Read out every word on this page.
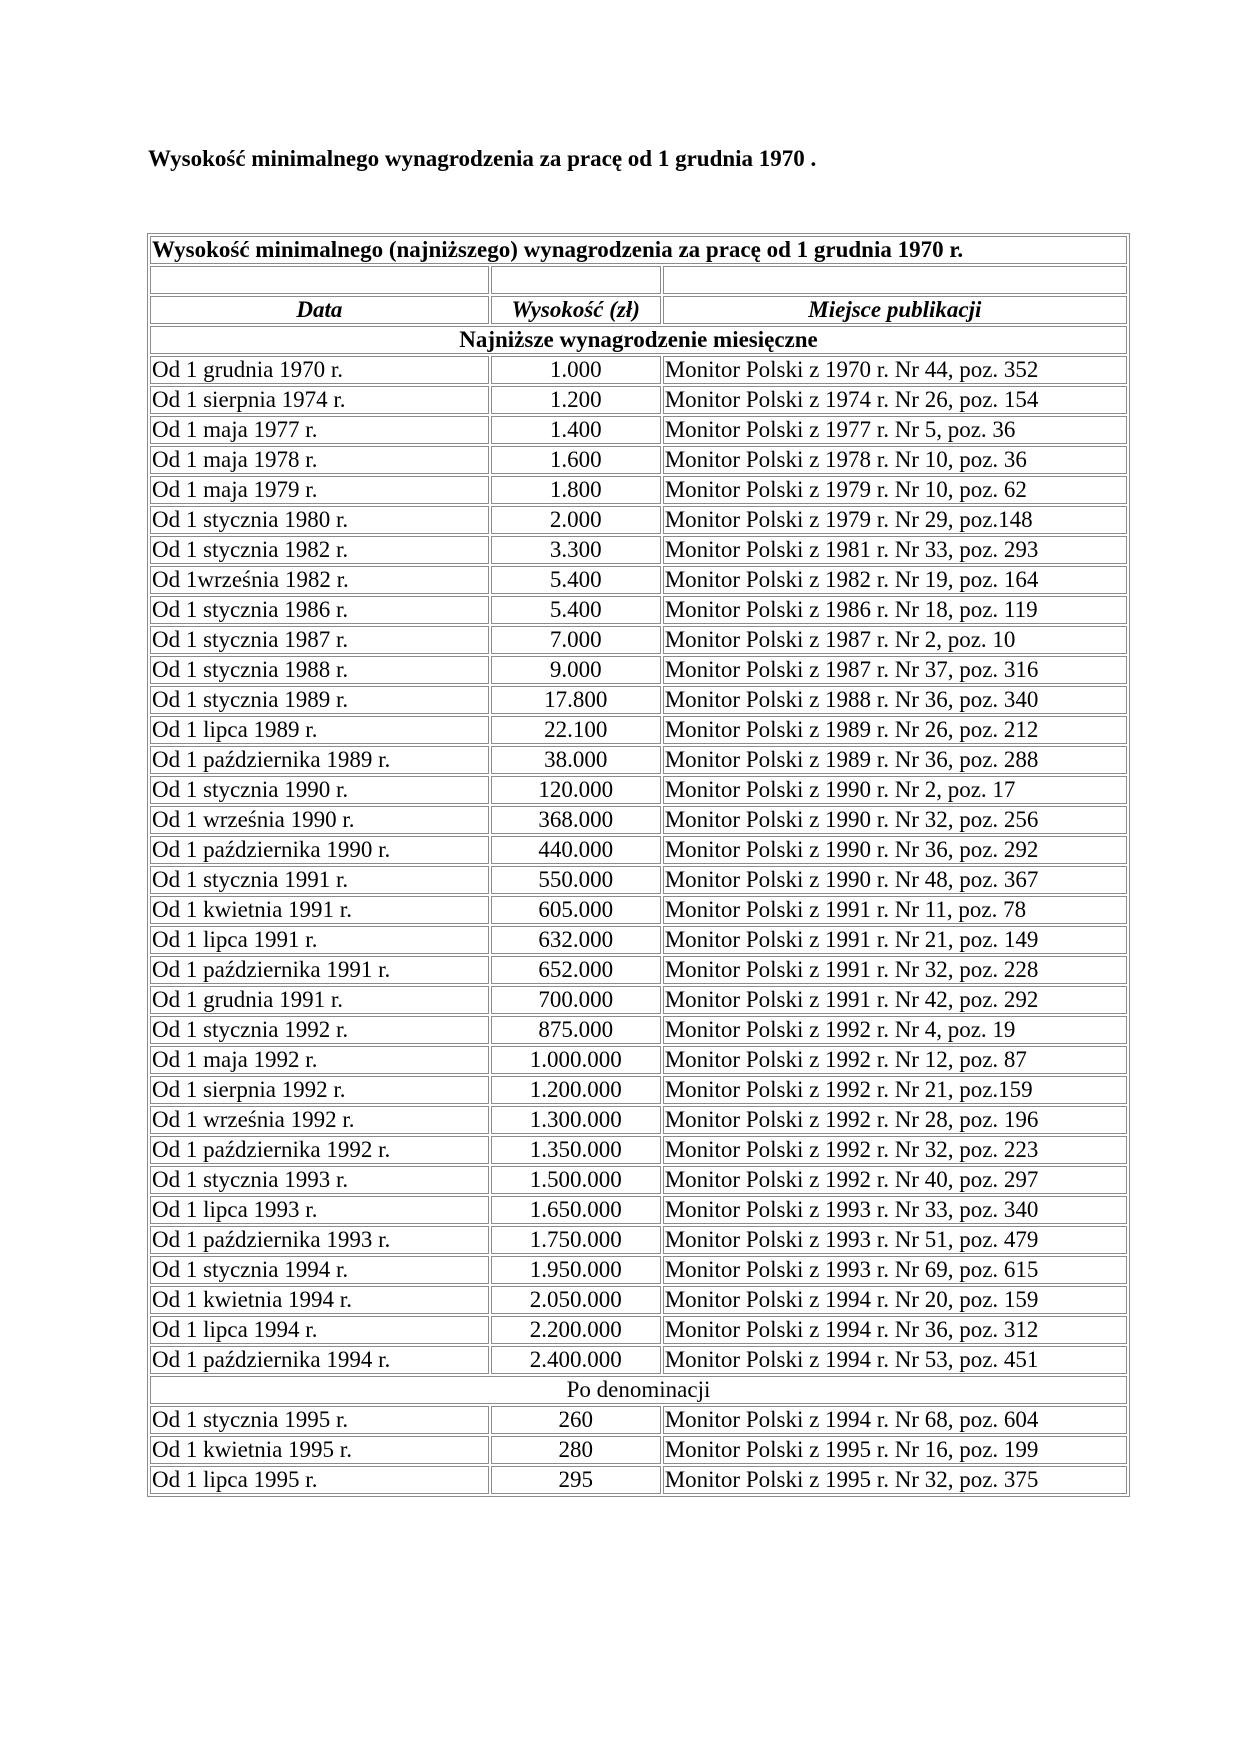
Wysokość minimalnego wynagrodzenia za pracę od 1 grudnia 1970 .
Wysokość minimalnego (najniższego) wynagrodzenia za pracę od 1 grudnia 1970 r.		

Data	Wysokość (zł)	Miejsce publikacji
Najniższe wynagrodzenie miesięczne		
Od 1 grudnia 1970 r.	1.000	Monitor Polski z 1970 r. Nr 44, poz. 352
Od 1 sierpnia 1974 r.	1.200	Monitor Polski z 1974 r. Nr 26, poz. 154
Od 1 maja 1977 r.	1.400	Monitor Polski z 1977 r. Nr 5, poz. 36
Od 1 maja 1978 r.	1.600	Monitor Polski z 1978 r. Nr 10, poz. 36
Od 1 maja 1979 r.	1.800	Monitor Polski z 1979 r. Nr 10, poz. 62
Od 1 stycznia 1980 r.	2.000	Monitor Polski z 1979 r. Nr 29, poz.148
Od 1 stycznia 1982 r.	3.300	Monitor Polski z 1981 r. Nr 33, poz. 293
Od 1września 1982 r.	5.400	Monitor Polski z 1982 r. Nr 19, poz. 164
Od 1 stycznia 1986 r.	5.400	Monitor Polski z 1986 r. Nr 18, poz. 119
Od 1 stycznia 1987 r.	7.000	Monitor Polski z 1987 r. Nr 2, poz. 10
Od 1 stycznia 1988 r.	9.000	Monitor Polski z 1987 r. Nr 37, poz. 316
Od 1 stycznia 1989 r.	17.800	Monitor Polski z 1988 r. Nr 36, poz. 340
Od 1 lipca 1989 r.	22.100	Monitor Polski z 1989 r. Nr 26, poz. 212
Od 1 października 1989 r.	38.000	Monitor Polski z 1989 r. Nr 36, poz. 288
Od 1 stycznia 1990 r.	120.000	Monitor Polski z 1990 r. Nr 2, poz. 17
Od 1 września 1990 r.	368.000	Monitor Polski z 1990 r. Nr 32, poz. 256
Od 1 października 1990 r.	440.000	Monitor Polski z 1990 r. Nr 36, poz. 292
Od 1 stycznia 1991 r.	550.000	Monitor Polski z 1990 r. Nr 48, poz. 367
Od 1 kwietnia 1991 r.	605.000	Monitor Polski z 1991 r. Nr 11, poz. 78
Od 1 lipca 1991 r.	632.000	Monitor Polski z 1991 r. Nr 21, poz. 149
Od 1 października 1991 r.	652.000	Monitor Polski z 1991 r. Nr 32, poz. 228
Od 1 grudnia 1991 r.	700.000	Monitor Polski z 1991 r. Nr 42, poz. 292
Od 1 stycznia 1992 r.	875.000	Monitor Polski z 1992 r. Nr 4, poz. 19
Od 1 maja 1992 r.	1.000.000	Monitor Polski z 1992 r. Nr 12, poz. 87
Od 1 sierpnia 1992 r.	1.200.000	Monitor Polski z 1992 r. Nr 21, poz.159
Od 1 września 1992 r.	1.300.000	Monitor Polski z 1992 r. Nr 28, poz. 196
Od 1 października 1992 r.	1.350.000	Monitor Polski z 1992 r. Nr 32, poz. 223
Od 1 stycznia 1993 r.	1.500.000	Monitor Polski z 1992 r. Nr 40, poz. 297
Od 1 lipca 1993 r.	1.650.000	Monitor Polski z 1993 r. Nr 33, poz. 340
Od 1 października 1993 r.	1.750.000	Monitor Polski z 1993 r. Nr 51, poz. 479
Od 1 stycznia 1994 r.	1.950.000	Monitor Polski z 1993 r. Nr 69, poz. 615
Od 1 kwietnia 1994 r.	2.050.000	Monitor Polski z 1994 r. Nr 20, poz. 159
Od 1 lipca 1994 r.	2.200.000	Monitor Polski z 1994 r. Nr 36, poz. 312
Od 1 października 1994 r.	2.400.000	Monitor Polski z 1994 r. Nr 53, poz. 451
Po denominacji		
Od 1 stycznia 1995 r.	260	Monitor Polski z 1994 r. Nr 68, poz. 604
Od 1 kwietnia 1995 r.	280	Monitor Polski z 1995 r. Nr 16, poz. 199
Od 1 lipca 1995 r.	295	Monitor Polski z 1995 r. Nr 32, poz. 375
